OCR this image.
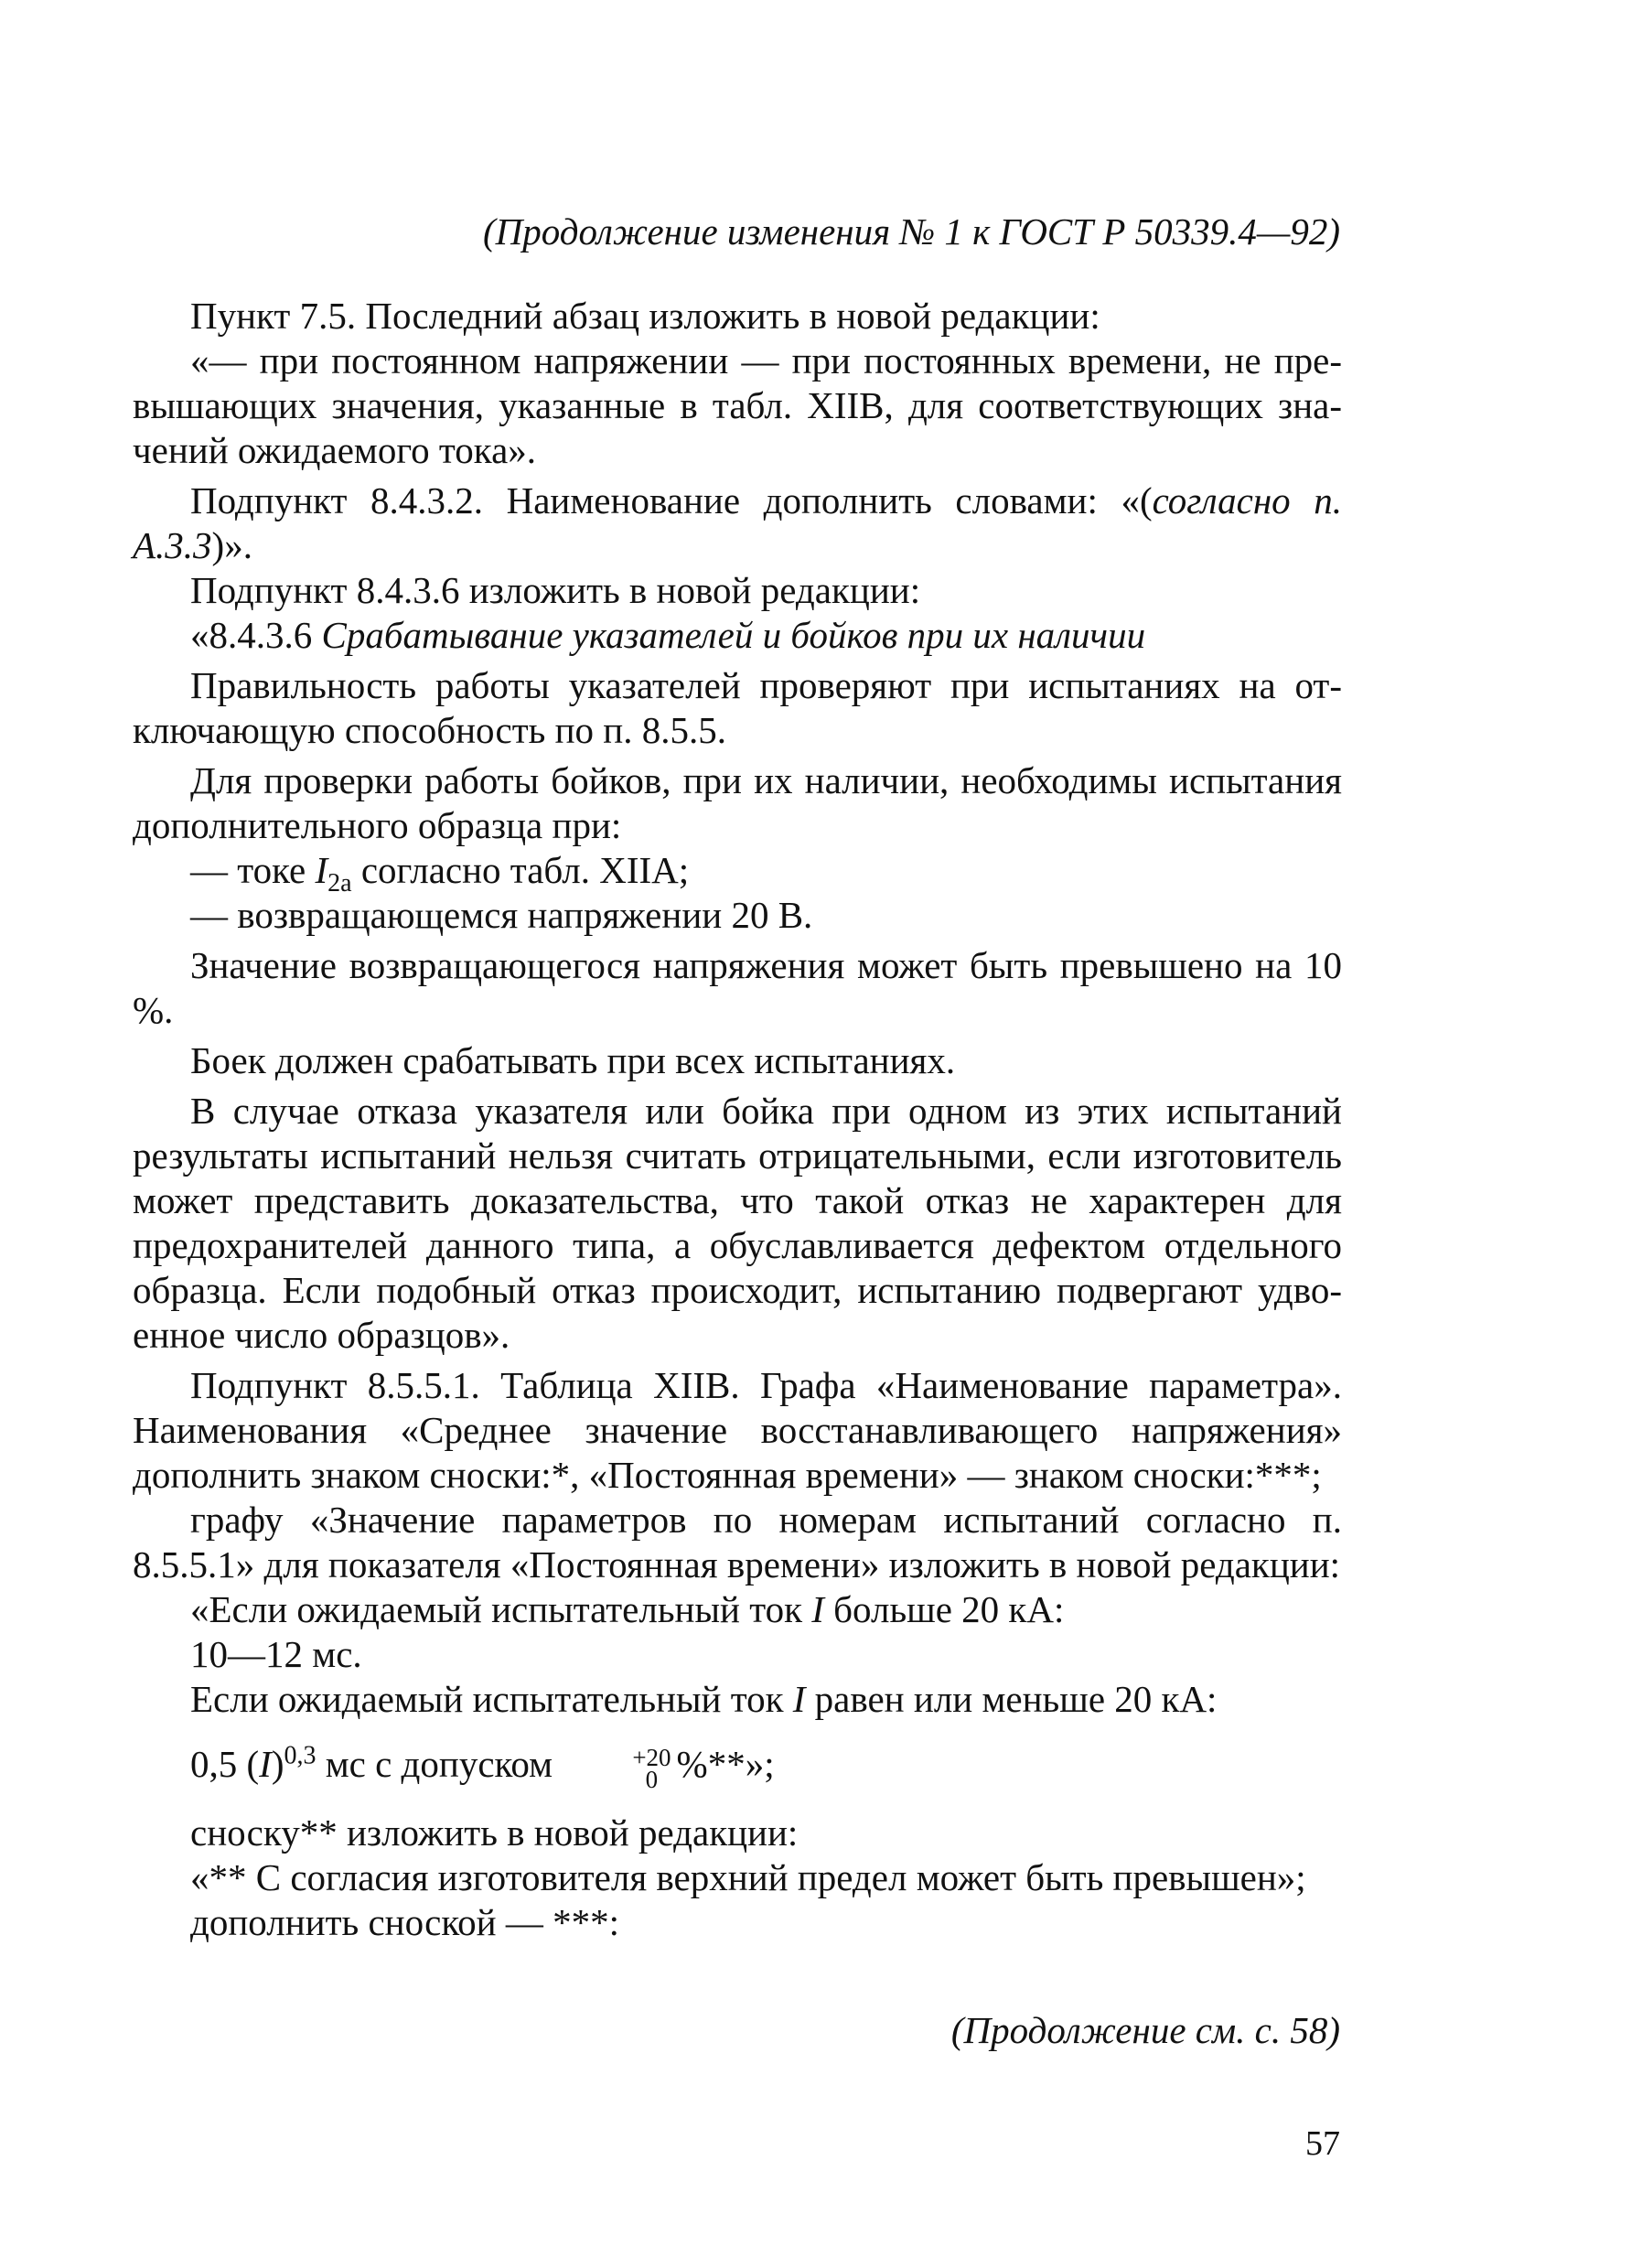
(Продолжение изменения № 1 к ГОСТ Р 50339.4—92)

Пункт 7.5. Последний абзац изложить в новой редакции:

«— при постоянном напряжении — при постоянных времени, не превышающих значения, указанные в табл. XIIВ, для соответствующих значений ожидаемого тока».

Подпункт 8.4.3.2. Наименование дополнить словами: «(согласно п. А.3.3)».

Подпункт 8.4.3.6 изложить в новой редакции:

«8.4.3.6 Срабатывание указателей и бойков при их наличии

Правильность работы указателей проверяют при испытаниях на отключающую способность по п. 8.5.5.

Для проверки работы бойков, при их наличии, необходимы испытания дополнительного образца при:

— токе $I_{2а}$ согласно табл. XIIА;

— возвращающемся напряжении 20 В.

Значение возвращающегося напряжения может быть превышено на 10 %.

Боек должен срабатывать при всех испытаниях.

В случае отказа указателя или бойка при одном из этих испытаний результаты испытаний нельзя считать отрицательными, если изготовитель может представить доказательства, что такой отказ не характерен для предохранителей данного типа, а обуславливается дефектом отдельного образца. Если подобный отказ происходит, испытанию подвергают удвоенное число образцов».

Подпункт 8.5.5.1. Таблица XIIВ. Графа «Наименование параметра». Наименования «Среднее значение восстанавливающего напряжения» дополнить знаком сноски:*, «Постоянная времени» — знаком сноски:***;

графу «Значение параметров по номерам испытаний согласно п. 8.5.5.1» для показателя «Постоянная времени» изложить в новой редакции:

«Если ожидаемый испытательный ток I больше 20 кА:

10—12 мс.

Если ожидаемый испытательный ток I равен или меньше 20 кА:

0,5 $(I)^{0,3}$ мс с допуском	+20
0 %**»;

сноску** изложить в новой редакции:

«** С согласия изготовителя верхний предел может быть превышен»;

дополнить сноской — ***:

(Продолжение см. с. 58)
57
